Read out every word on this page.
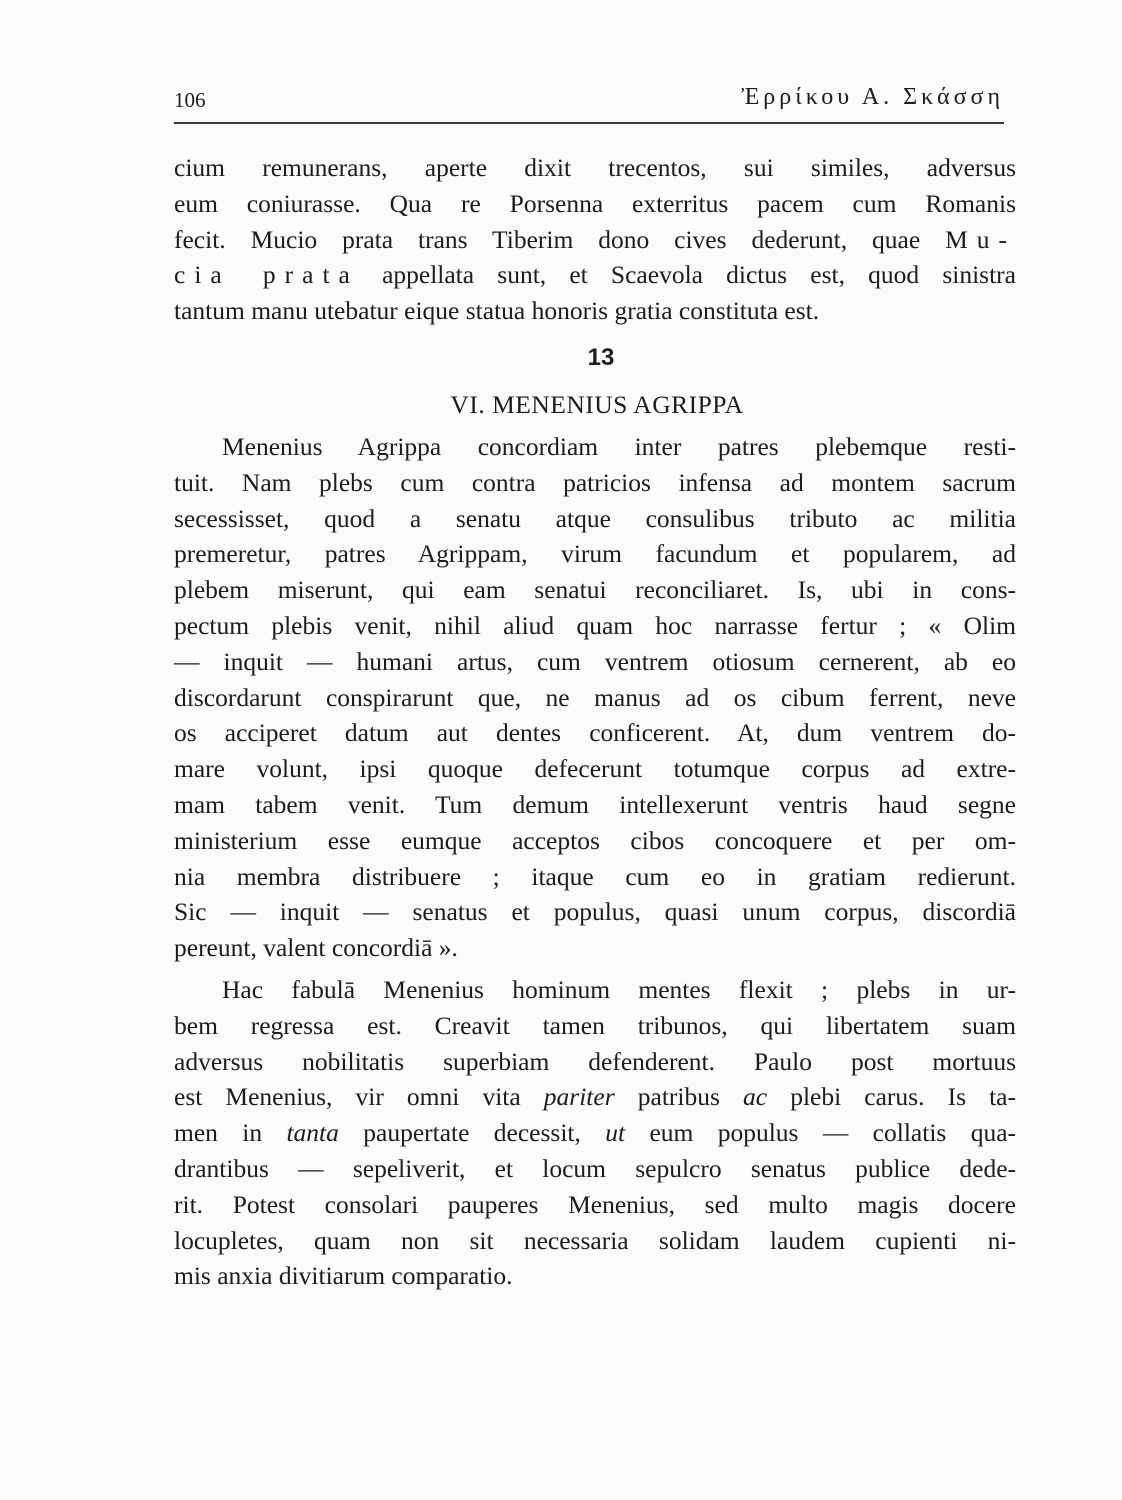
106	Ἐρρίκου Α. Σκάσση
cium remunerans, aperte dixit trecentos, sui similes, adversus
eum coniurasse. Qua re Porsenna exterritus pacem cum Romanis
fecit. Mucio prata trans Tiberim dono cives dederunt, quae Mu-
cia prata appellata sunt, et Scaevola dictus est, quod sinistra
tantum manu utebatur eique statua honoris gratia constituta est.
13
VI. MENENIUS AGRIPPA
Menenius Agrippa concordiam inter patres plebemque resti-
tuit. Nam plebs cum contra patricios infensa ad montem sacrum
secessisset, quod a senatu atque consulibus tributo ac militia
premeretur, patres Agrippam, virum facundum et popularem, ad
plebem miserunt, qui eam senatui reconciliaret. Is, ubi in cons-
pectum plebis venit, nihil aliud quam hoc narrasse fertur ; « Olim
— inquit — humani artus, cum ventrem otiosum cernerent, ab eo
discordarunt conspirarunt que, ne manus ad os cibum ferrent, neve
os acciperet datum aut dentes conficerent. At, dum ventrem do-
mare volunt, ipsi quoque defecerunt totumque corpus ad extre-
mam tabem venit. Tum demum intellexerunt ventris haud segne
ministerium esse eumque acceptos cibos concoquere et per om-
nia membra distribuere ; itaque cum eo in gratiam redierunt.
Sic — inquit — senatus et populus, quasi unum corpus, discordiā
pereunt, valent concordiā ».
Hac fabulā Menenius hominum mentes flexit ; plebs in ur-
bem regressa est. Creavit tamen tribunos, qui libertatem suam
adversus nobilitatis superbiam defenderent. Paulo post mortuus
est Menenius, vir omni vita pariter patribus ac plebi carus. Is ta-
men in tanta paupertate decessit, ut eum populus — collatis qua-
drantibus — sepeliverit, et locum sepulcro senatus publice dede-
rit. Potest consolari pauperes Menenius, sed multo magis docere
locupletes, quam non sit necessaria solidam laudem cupienti ni-
mis anxia divitiarum comparatio.
